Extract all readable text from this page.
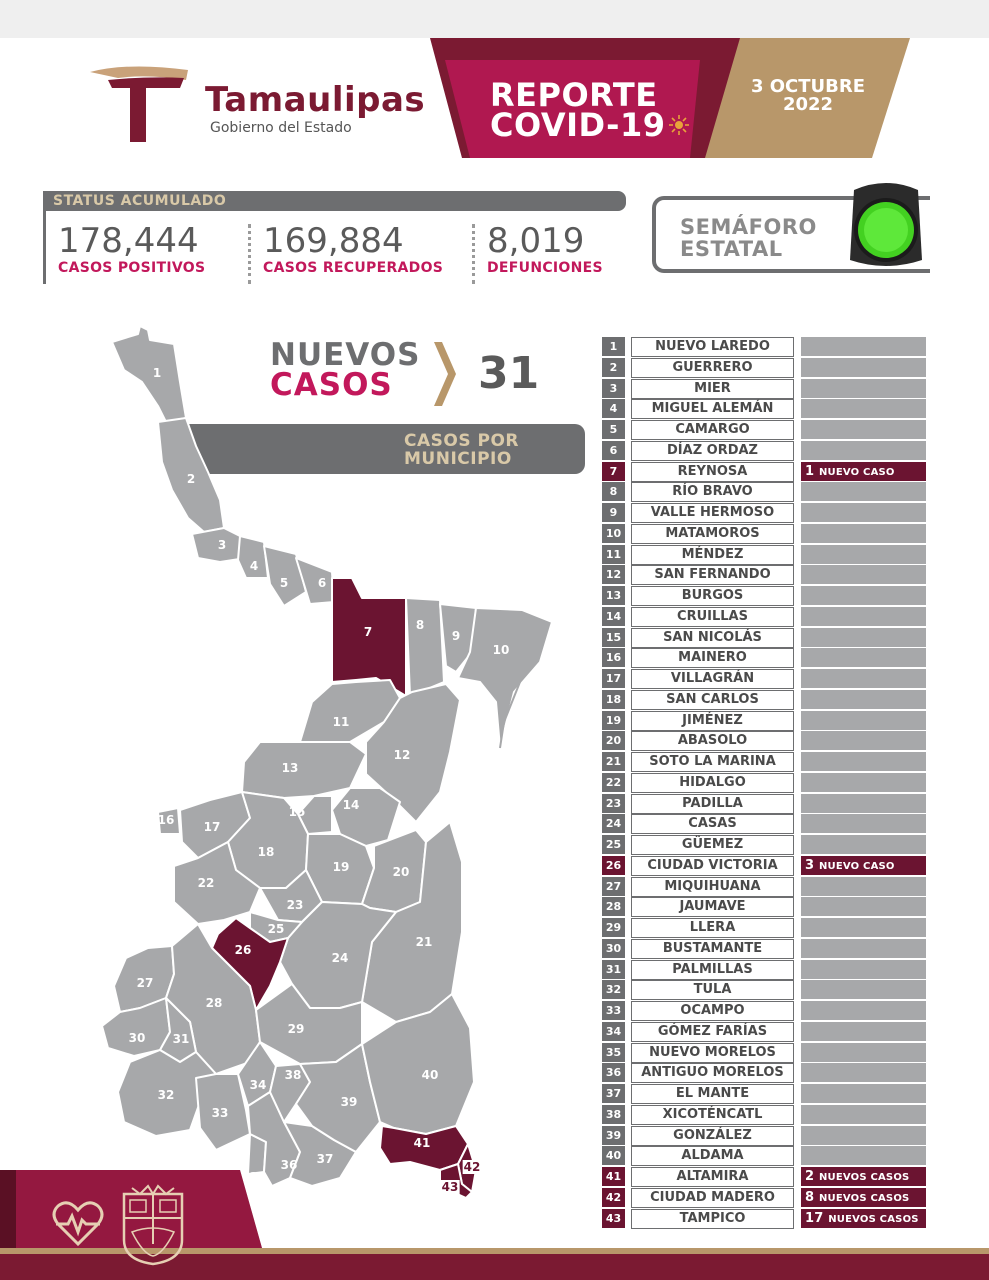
Tamaulipas
Gobierno del Estado
REPORTE
COVID-19
3 OCTUBRE
2022
STATUS ACUMULADO
178,444
CASOS POSITIVOS
169,884
CASOS RECUPERADOS
8,019
DEFUNCIONES
SEMÁFORO
ESTATAL
NUEVOS
CASOS 31
CASOS POR
MUNICIPIO
1
2
3
4
5 6
7	8
9
10
11
12
13
14
15
16 17
18
19	20
21
22
23
24
25
26
27
28
29
30 31
32
33
34
35
36 37
38
39
40
41
42
43
1	NUEVO LAREDO
2	GUERRERO
3	MIER
4	MIGUEL ALEMÁN
5	CAMARGO
6	DÍAZ ORDAZ
7	REYNOSA	1 NUEVO CASO
8	RÍO BRAVO
9	VALLE HERMOSO
10	MATAMOROS
11	MÉNDEZ
12	SAN FERNANDO
13	BURGOS
14	CRUILLAS
15	SAN NICOLÁS
16	MAINERO
17	VILLAGRÁN
18	SAN CARLOS
19	JIMÉNEZ
20	ABASOLO
21	SOTO LA MARINA
22	HIDALGO
23	PADILLA
24	CASAS
25	GÜEMEZ
26	CIUDAD VICTORIA	3 NUEVO CASO
27	MIQUIHUANA
28	JAUMAVE
29	LLERA
30	BUSTAMANTE
31	PALMILLAS
32	TULA
33	OCAMPO
34	GÓMEZ FARÍAS
35	NUEVO MORELOS
36	ANTIGUO MORELOS
37	EL MANTE
38	XICOTÉNCATL
39	GONZÁLEZ
40	ALDAMA
41	ALTAMIRA	2 NUEVOS CASOS
42	CIUDAD MADERO	8 NUEVOS CASOS
43	TAMPICO	17 NUEVOS CASOS
